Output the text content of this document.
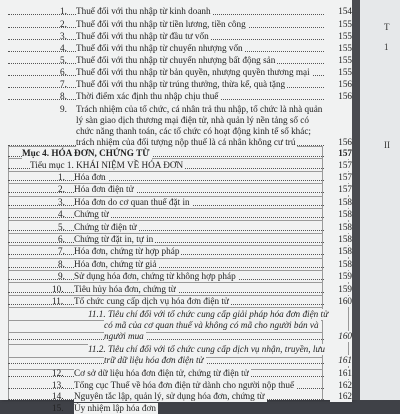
1. Thuế đối với thu nhập từ kinh doanh	154
2. Thuế đối với thu nhập từ tiền lương, tiền công	155
3. Thuế đối với thu nhập từ đầu tư vốn	155
4. Thuế đối với thu nhập từ chuyển nhượng vốn	155
5. Thuế đối với thu nhập từ chuyển nhượng bất động sản	155
6. Thuế đối với thu nhập từ bản quyền, nhượng quyền thương mại	155
7. Thuế đối với thu nhập từ trúng thưởng, thừa kế, quà tặng	156
8. Thời điểm xác định thu nhập chịu thuế	156
9. Trách nhiệm của tổ chức, cá nhân trả thu nhập, tổ chức là nhà quản
lý sàn giao dịch thương mại điện tử, nhà quản lý nền tảng số có
chức năng thanh toán, các tổ chức có hoạt động kinh tế số khác;
trách nhiệm của đối tượng nộp thuế là cá nhân không cư trú	156
Mục 4. HÓA ĐƠN, CHỨNG TỪ	157
Tiểu mục 1. KHÁI NIỆM VỀ HÓA ĐƠN	157
1. Hóa đơn	157
2. Hóa đơn điện tử	157
3. Hóa đơn do cơ quan thuế đặt in	158
4. Chứng từ	158
5. Chứng từ điện tử	158
6. Chứng từ đặt in, tự in	158
7. Hóa đơn, chứng từ hợp pháp	158
8. Hóa đơn, chứng từ giả	158
9. Sử dụng hóa đơn, chứng từ không hợp pháp	159
10. Tiêu hủy hóa đơn, chứng từ	159
11. Tổ chức cung cấp dịch vụ hóa đơn điện tử	160
11.1. Tiêu chí đối với tổ chức cung cấp giải pháp hóa đơn điện tử
có mã của cơ quan thuế và không có mã cho người bán và
người mua	160
11.2. Tiêu chí đối với tổ chức cung cấp dịch vụ nhận, truyền, lưu
trữ dữ liệu hóa đơn điện tử	161
12. Cơ sở dữ liệu hóa đơn điện tử, chứng từ điện tử	161
13. Tổng cục Thuế về hóa đơn điện tử dành cho người nộp thuế	162
14. Nguyên tắc lập, quản lý, sử dụng hóa đơn, chứng từ	162
15. Ủy nhiệm lập hóa đơn
T
1
II
